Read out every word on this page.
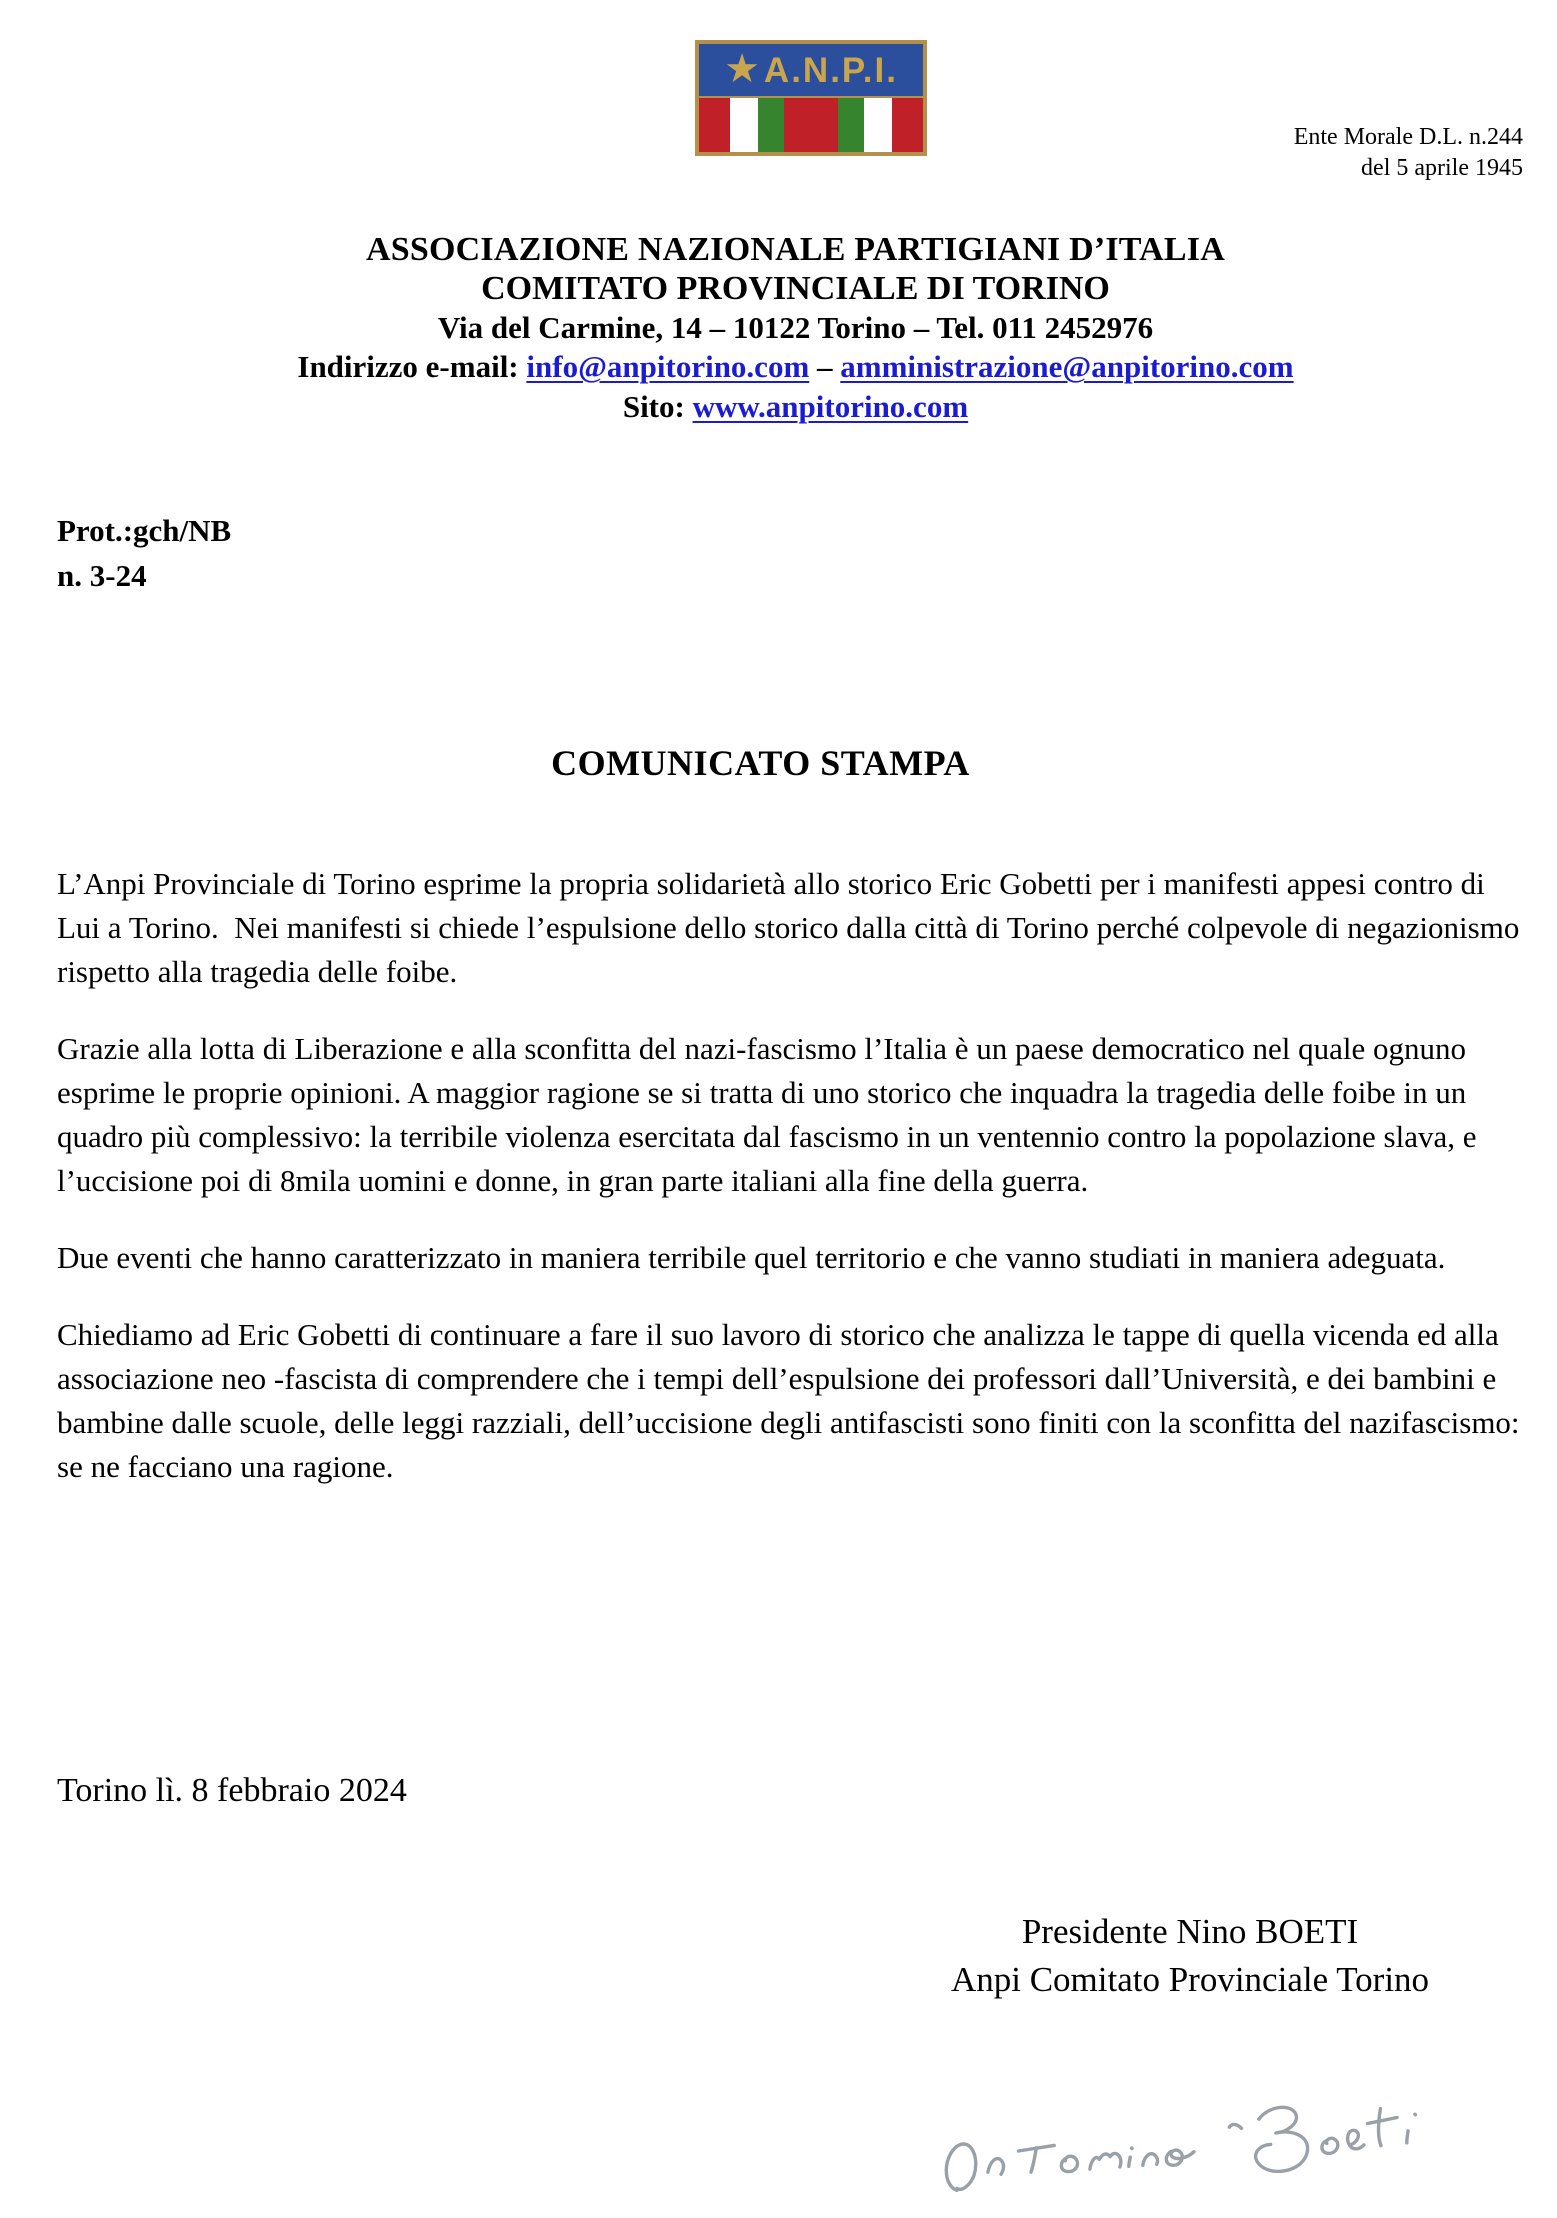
★ A.N.P.I.
Ente Morale D.L. n.244
del 5 aprile 1945
ASSOCIAZIONE NAZIONALE PARTIGIANI D’ITALIA
COMITATO PROVINCIALE DI TORINO
Via del Carmine, 14 – 10122 Torino – Tel. 011 2452976
Indirizzo e-mail: info@anpitorino.com – amministrazione@anpitorino.com
Sito: www.anpitorino.com
Prot.:gch/NB
n. 3-24
COMUNICATO STAMPA

L’Anpi Provinciale di Torino esprime la propria solidarietà allo storico Eric Gobetti per i manifesti appesi contro di Lui a Torino.  Nei manifesti si chiede l’espulsione dello storico dalla città di Torino perché colpevole di negazionismo rispetto alla tragedia delle foibe.

Grazie alla lotta di Liberazione e alla sconfitta del nazi-fascismo l’Italia è un paese democratico nel quale ognuno esprime le proprie opinioni. A maggior ragione se si tratta di uno storico che inquadra la tragedia delle foibe in un quadro più complessivo: la terribile violenza esercitata dal fascismo in un ventennio contro la popolazione slava, e l’uccisione poi di 8mila uomini e donne, in gran parte italiani alla fine della guerra.

Due eventi che hanno caratterizzato in maniera terribile quel territorio e che vanno studiati in maniera adeguata.

Chiediamo ad Eric Gobetti di continuare a fare il suo lavoro di storico che analizza le tappe di quella vicenda ed alla associazione neo -fascista di comprendere che i tempi dell’espulsione dei professori dall’Università, e dei bambini e bambine dalle scuole, delle leggi razziali, dell’uccisione degli antifascisti sono finiti con la sconfitta del nazifascismo: se ne facciano una ragione.

Torino lì. 8 febbraio 2024
Presidente Nino BOETI
Anpi Comitato Provinciale Torino
